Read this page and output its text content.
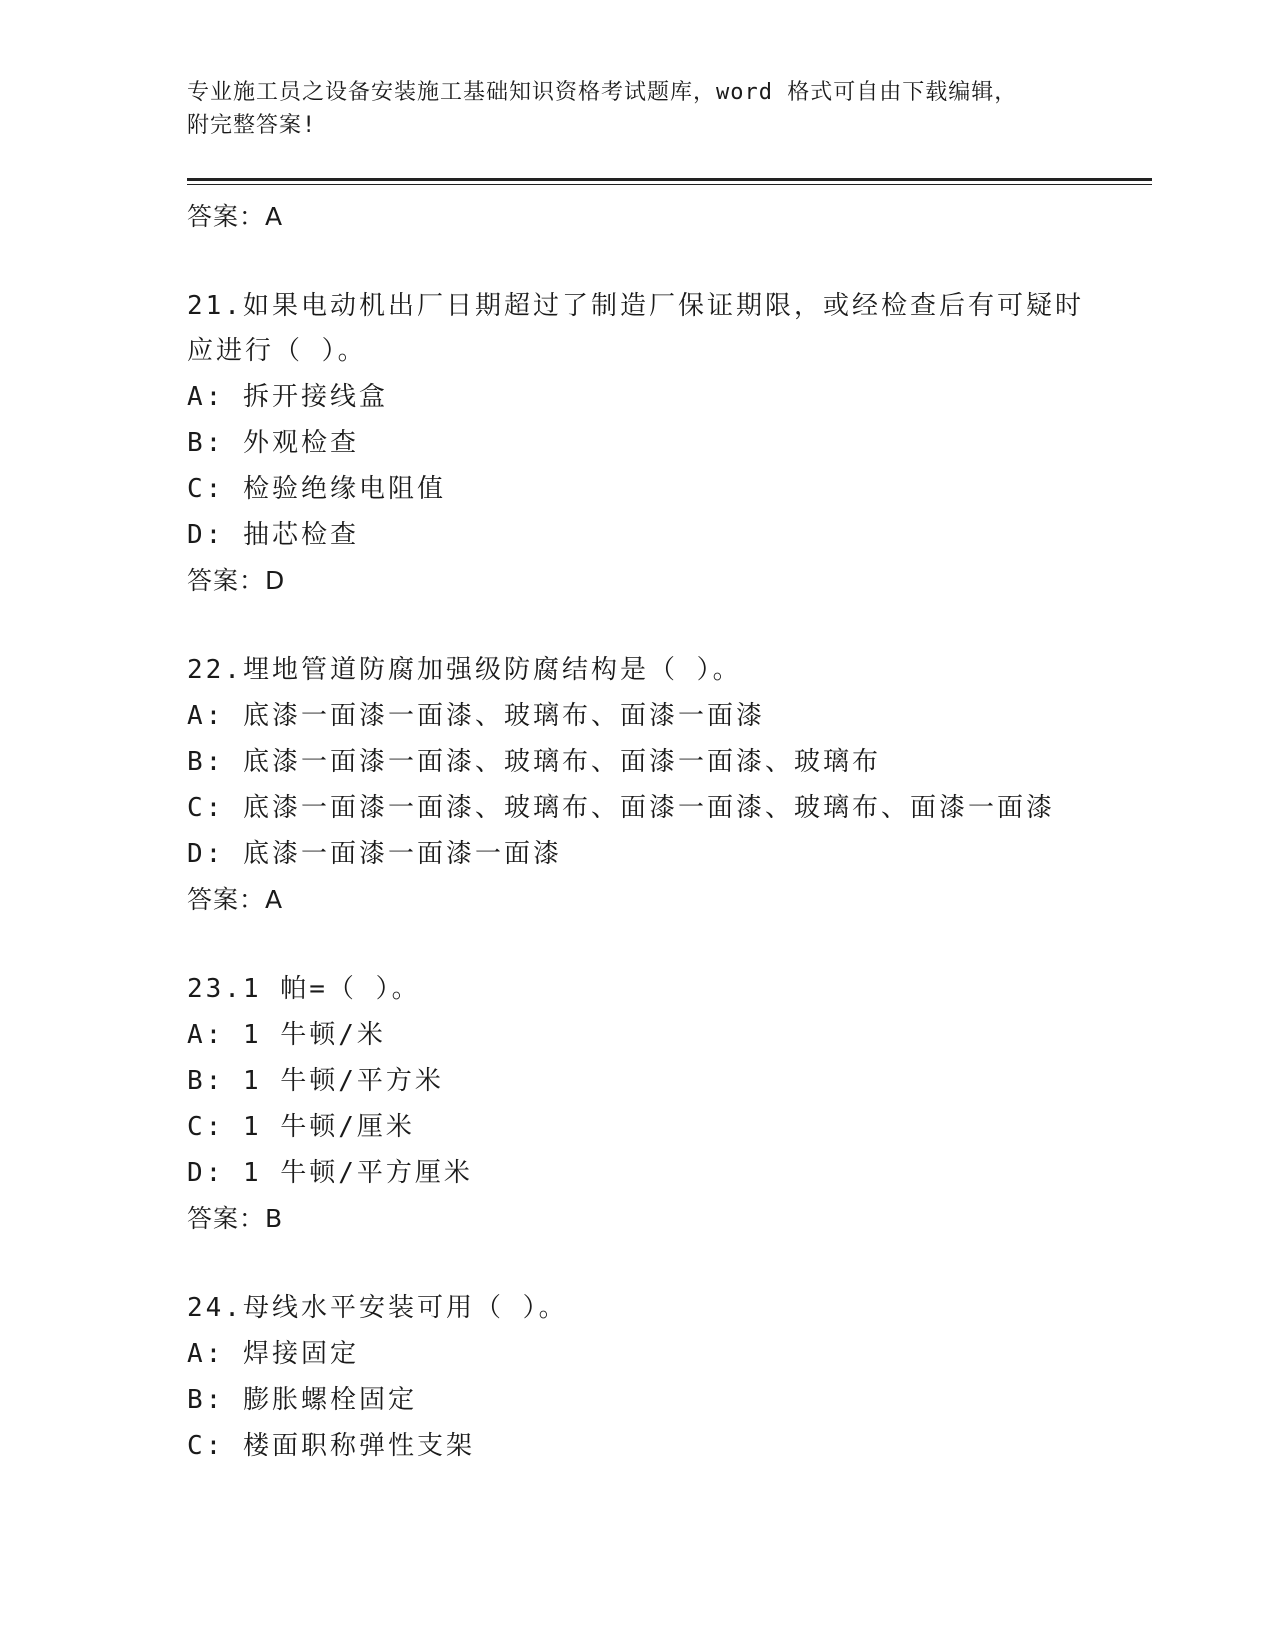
专业施工员之设备安装施工基础知识资格考试题库，word 格式可自由下载编辑，
附完整答案!
答案：A
21.如果电动机出厂日期超过了制造厂保证期限，或经检查后有可疑时
应进行（ ）。
A: 拆开接线盒
B: 外观检查
C: 检验绝缘电阻值
D: 抽芯检查
答案：D
22.埋地管道防腐加强级防腐结构是（ ）。
A: 底漆一面漆一面漆、玻璃布、面漆一面漆
B: 底漆一面漆一面漆、玻璃布、面漆一面漆、玻璃布
C: 底漆一面漆一面漆、玻璃布、面漆一面漆、玻璃布、面漆一面漆
D: 底漆一面漆一面漆一面漆
答案：A
23.1 帕=（ ）。
A: 1 牛顿/米
B: 1 牛顿/平方米
C: 1 牛顿/厘米
D: 1 牛顿/平方厘米
答案：B
24.母线水平安装可用（ ）。
A: 焊接固定
B: 膨胀螺栓固定
C: 楼面职称弹性支架
